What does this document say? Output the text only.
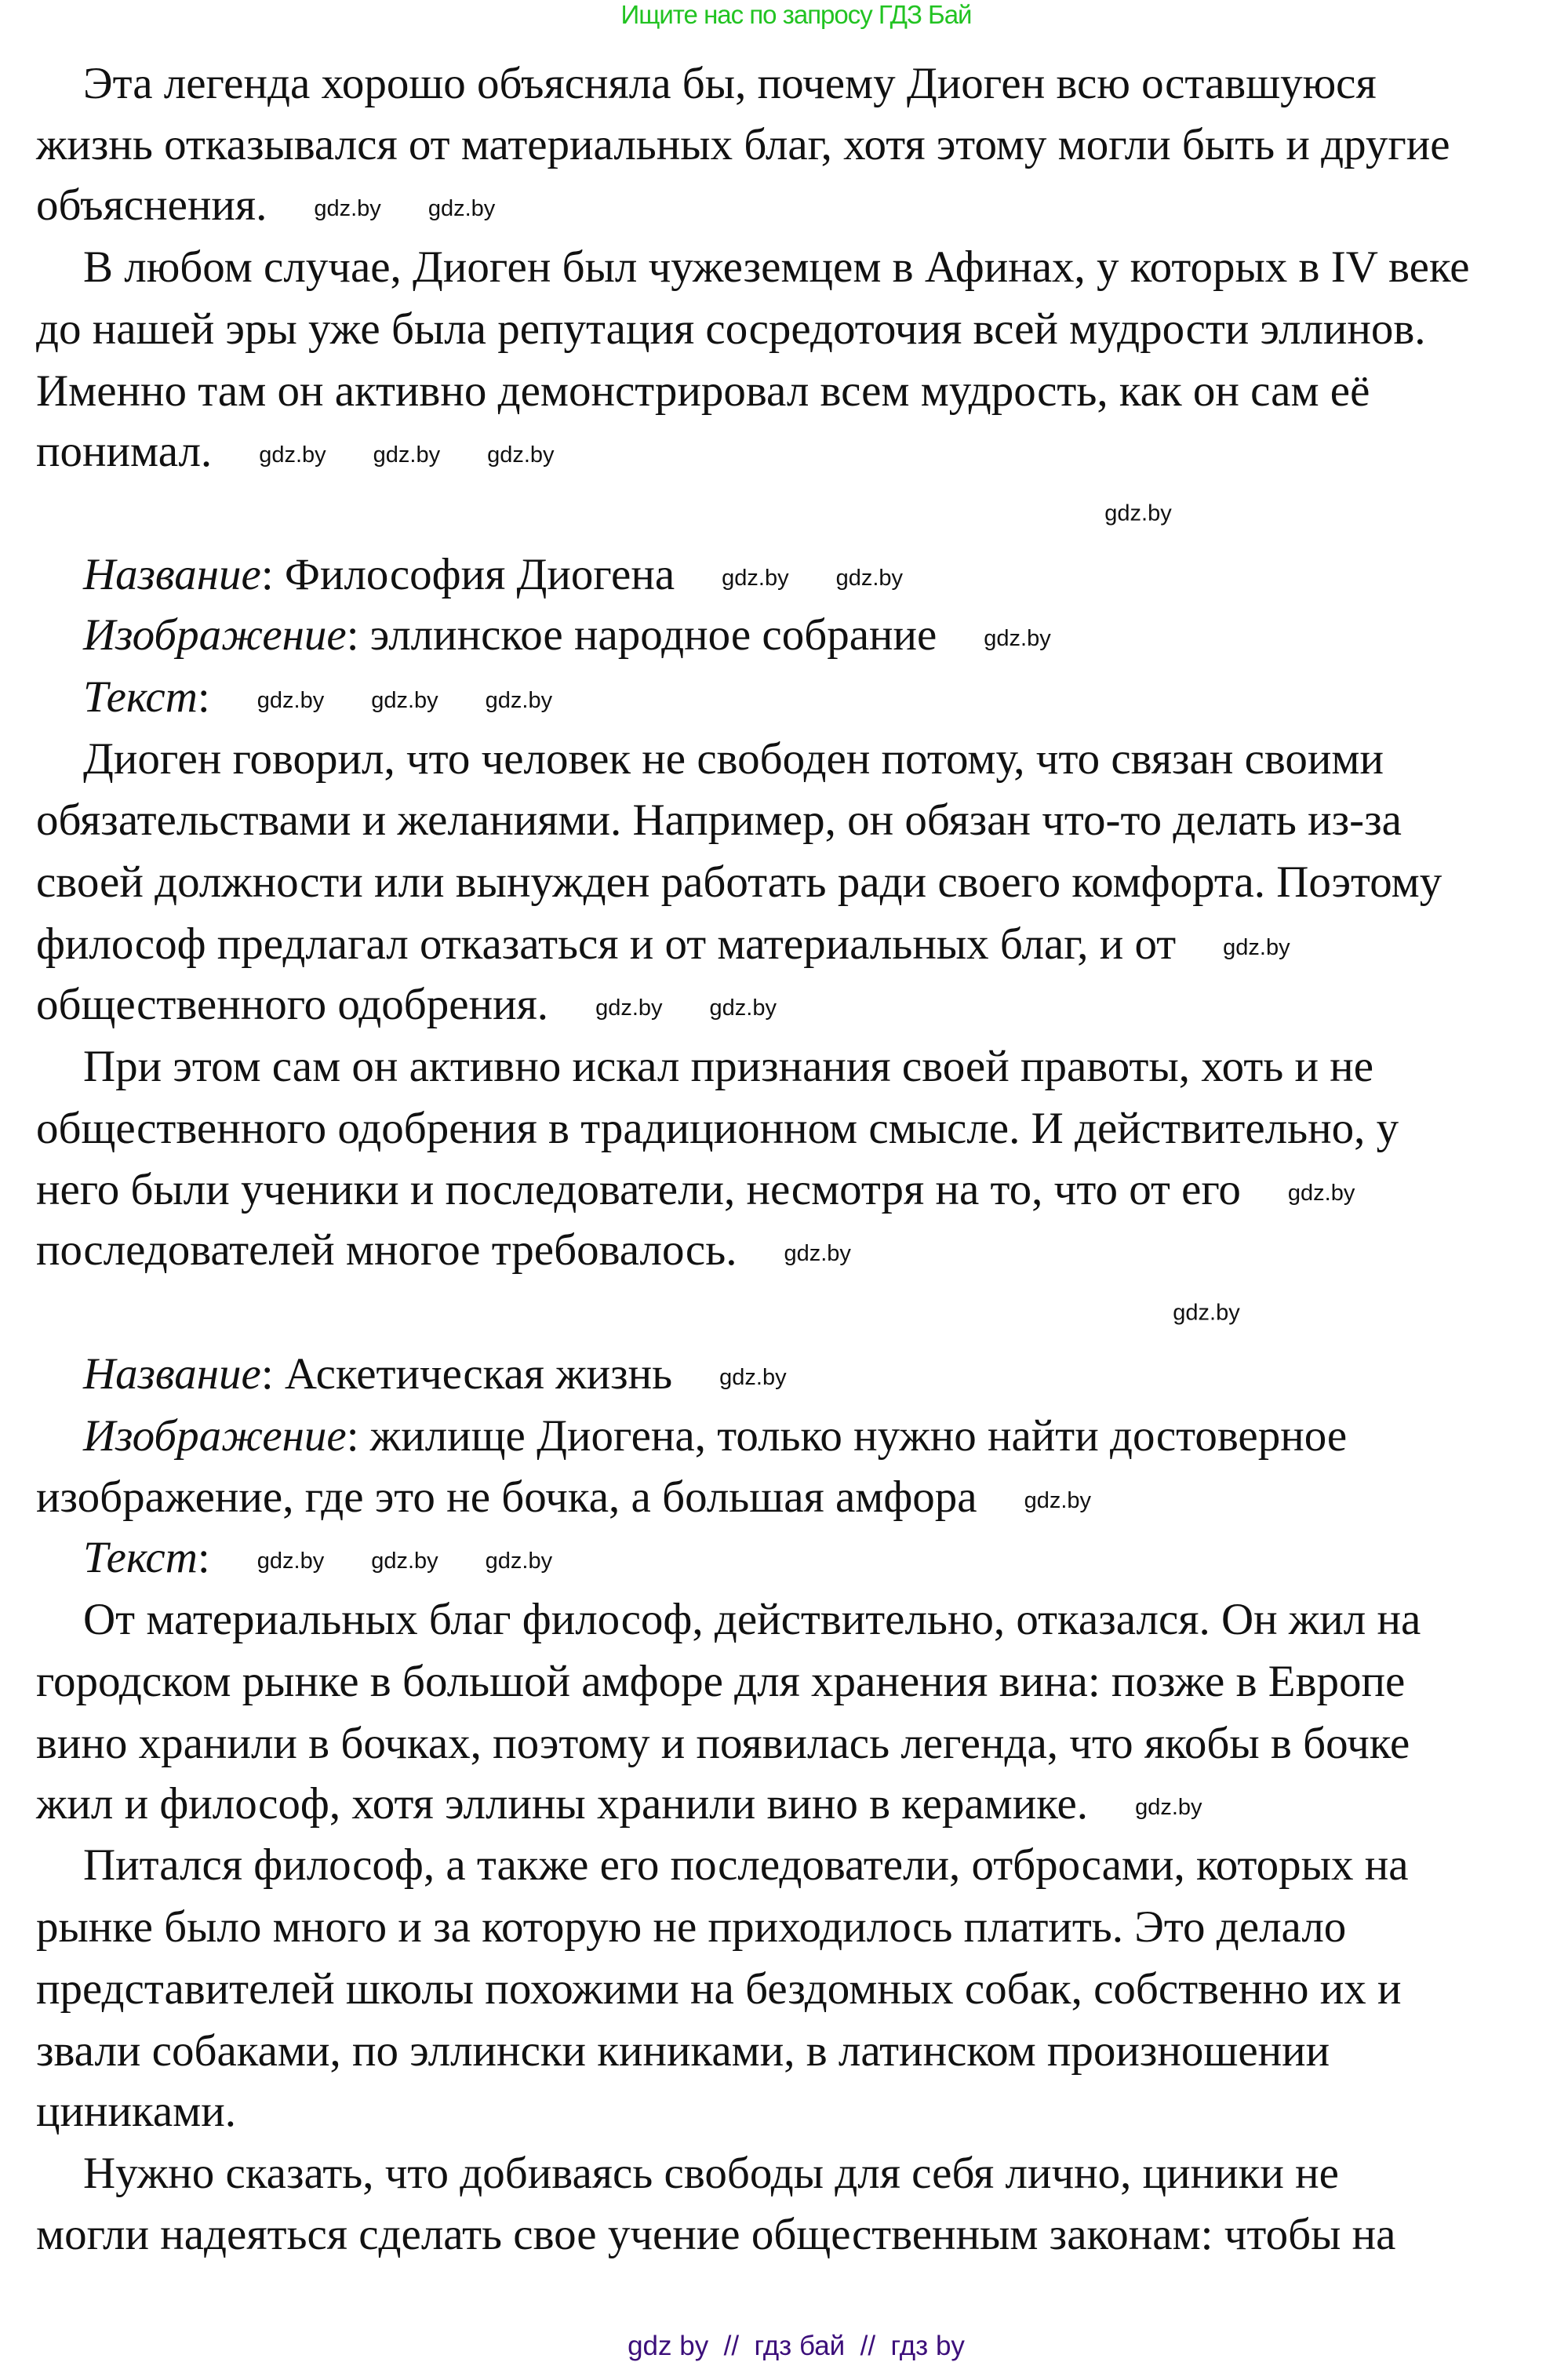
Ищите нас по запросу ГДЗ Бай
Эта легенда хорошо объясняла бы, почему Диоген всю оставшуюся
жизнь отказывался от материальных благ, хотя этому могли быть и другие
объяснения. gdz.by gdz.by
В любом случае, Диоген был чужеземцем в Афинах, у которых в IV веке
до нашей эры уже была репутация сосредоточия всей мудрости эллинов.
Именно там он активно демонстрировал всем мудрость, как он сам её
понимал. gdz.by gdz.by gdz.by
Название: Философия Диогена gdz.by gdz.by
Изображение: эллинское народное собрание gdz.by
Текст: gdz.by gdz.by gdz.by
Диоген говорил, что человек не свободен потому, что связан своими
обязательствами и желаниями. Например, он обязан что-то делать из-за
своей должности или вынужден работать ради своего комфорта. Поэтому
философ предлагал отказаться и от материальных благ, и от gdz.by
общественного одобрения. gdz.by gdz.by
При этом сам он активно искал признания своей правоты, хоть и не
общественного одобрения в традиционном смысле. И действительно, у
него были ученики и последователи, несмотря на то, что от его gdz.by
последователей многое требовалось. gdz.by
Название: Аскетическая жизнь gdz.by
Изображение: жилище Диогена, только нужно найти достоверное
изображение, где это не бочка, а большая амфора gdz.by
Текст: gdz.by gdz.by gdz.by
От материальных благ философ, действительно, отказался. Он жил на
городском рынке в большой амфоре для хранения вина: позже в Европе
вино хранили в бочках, поэтому и появилась легенда, что якобы в бочке
жил и философ, хотя эллины хранили вино в керамике. gdz.by
Питался философ, а также его последователи, отбросами, которых на
рынке было много и за которую не приходилось платить. Это делало
представителей школы похожими на бездомных собак, собственно их и
звали собаками, по эллински киниками, в латинском произношении
циниками.
Нужно сказать, что добиваясь свободы для себя лично, циники не
могли надеяться сделать свое учение общественным законам: чтобы на
gdz.by
gdz.by
gdz by  //  гдз бай  //  гдз by
